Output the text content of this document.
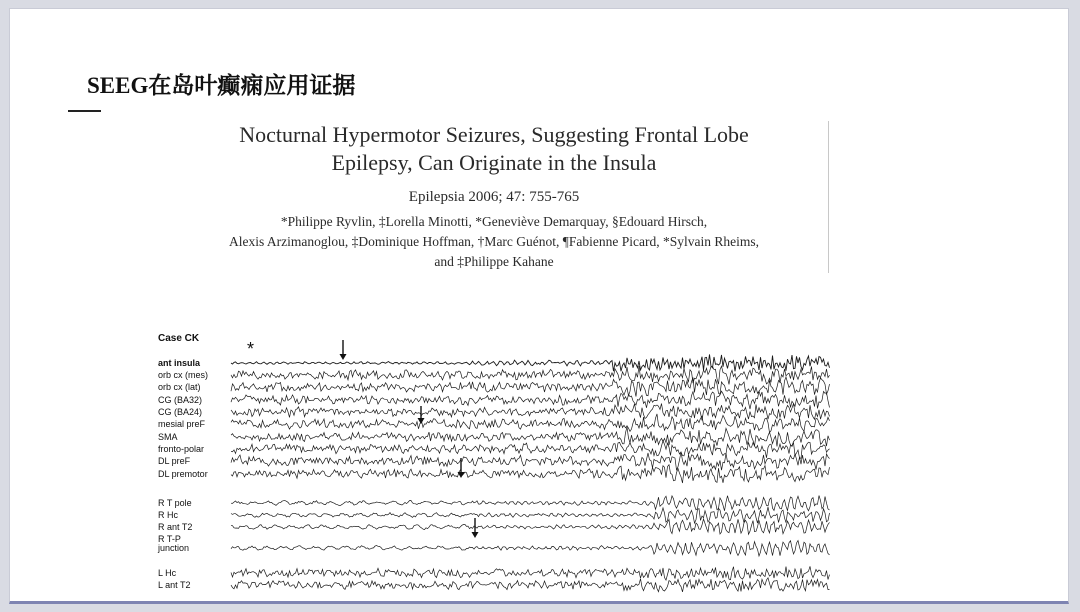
SEEG在岛叶癫痫应用证据
Nocturnal Hypermotor Seizures, Suggesting Frontal Lobe
Epilepsy, Can Originate in the Insula
Epilepsia 2006; 47: 755-765
*Philippe Ryvlin, ‡Lorella Minotti, *Geneviève Demarquay, §Edouard Hirsch,
Alexis Arzimanoglou, ‡Dominique Hoffman, †Marc Guénot, ¶Fabienne Picard, *Sylvain Rheims,
and ‡Philippe Kahane
Case CK
*
ant insula
orb cx (mes)
orb cx (lat)
CG (BA32)
CG (BA24)
mesial preF
SMA
fronto-polar
DL preF
DL premotor
R T pole
R Hc
R ant T2
R T-P
junction
L Hc
L ant T2
